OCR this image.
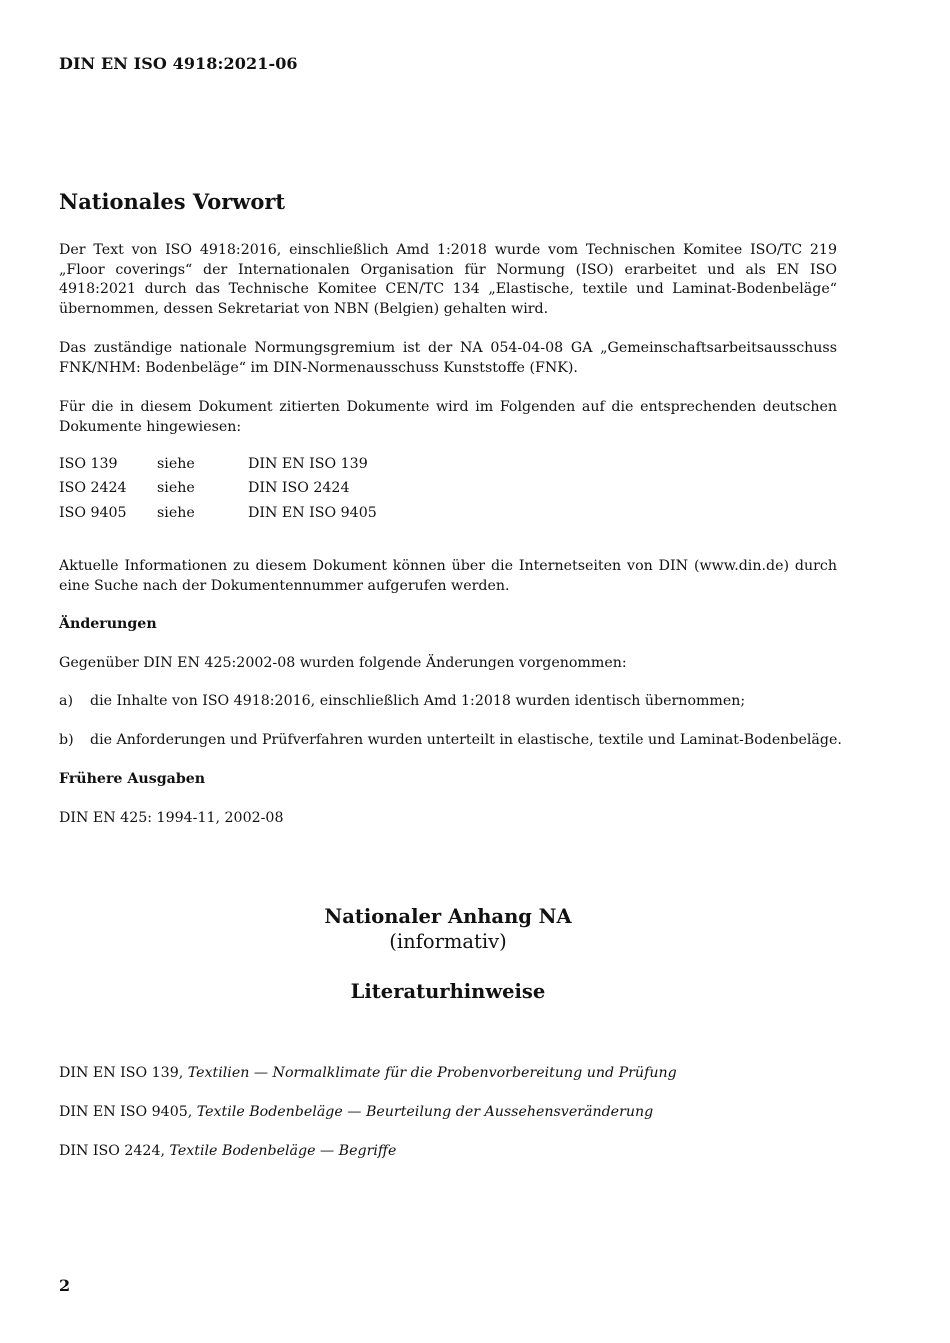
DIN EN ISO 4918:2021-06
Nationales Vorwort
Der Text von ISO 4918:2016, einschließlich Amd 1:2018 wurde vom Technischen Komitee ISO/TC 219 „Floor coverings“ der Internationalen Organisation für Normung (ISO) erarbeitet und als EN ISO 4918:2021 durch das Technische Komitee CEN/TC 134 „Elastische, textile und Laminat-Bodenbeläge“ übernommen, dessen Sekretariat von NBN (Belgien) gehalten wird.
Das zuständige nationale Normungsgremium ist der NA 054-04-08 GA „Gemeinschaftsarbeitsausschuss FNK/NHM: Bodenbeläge“ im DIN-Normenausschuss Kunststoffe (FNK).
Für die in diesem Dokument zitierten Dokumente wird im Folgenden auf die entsprechenden deutschen Dokumente hingewiesen:
ISO 139	siehe	DIN EN ISO 139
ISO 2424 siehe	DIN ISO 2424
ISO 9405 siehe	DIN EN ISO 9405
Aktuelle Informationen zu diesem Dokument können über die Internetseiten von DIN (www.din.de) durch eine Suche nach der Dokumentennummer aufgerufen werden.
Änderungen
Gegenüber DIN EN 425:2002-08 wurden folgende Änderungen vorgenommen:
a) die Inhalte von ISO 4918:2016, einschließlich Amd 1:2018 wurden identisch übernommen;
b) die Anforderungen und Prüfverfahren wurden unterteilt in elastische, textile und Laminat-Bodenbeläge.
Frühere Ausgaben
DIN EN 425: 1994-11, 2002-08
Nationaler Anhang NA
(informativ)
Literaturhinweise
DIN EN ISO 139, Textilien — Normalklimate für die Probenvorbereitung und Prüfung
DIN EN ISO 9405, Textile Bodenbeläge — Beurteilung der Aussehensveränderung
DIN ISO 2424, Textile Bodenbeläge — Begriffe
2
